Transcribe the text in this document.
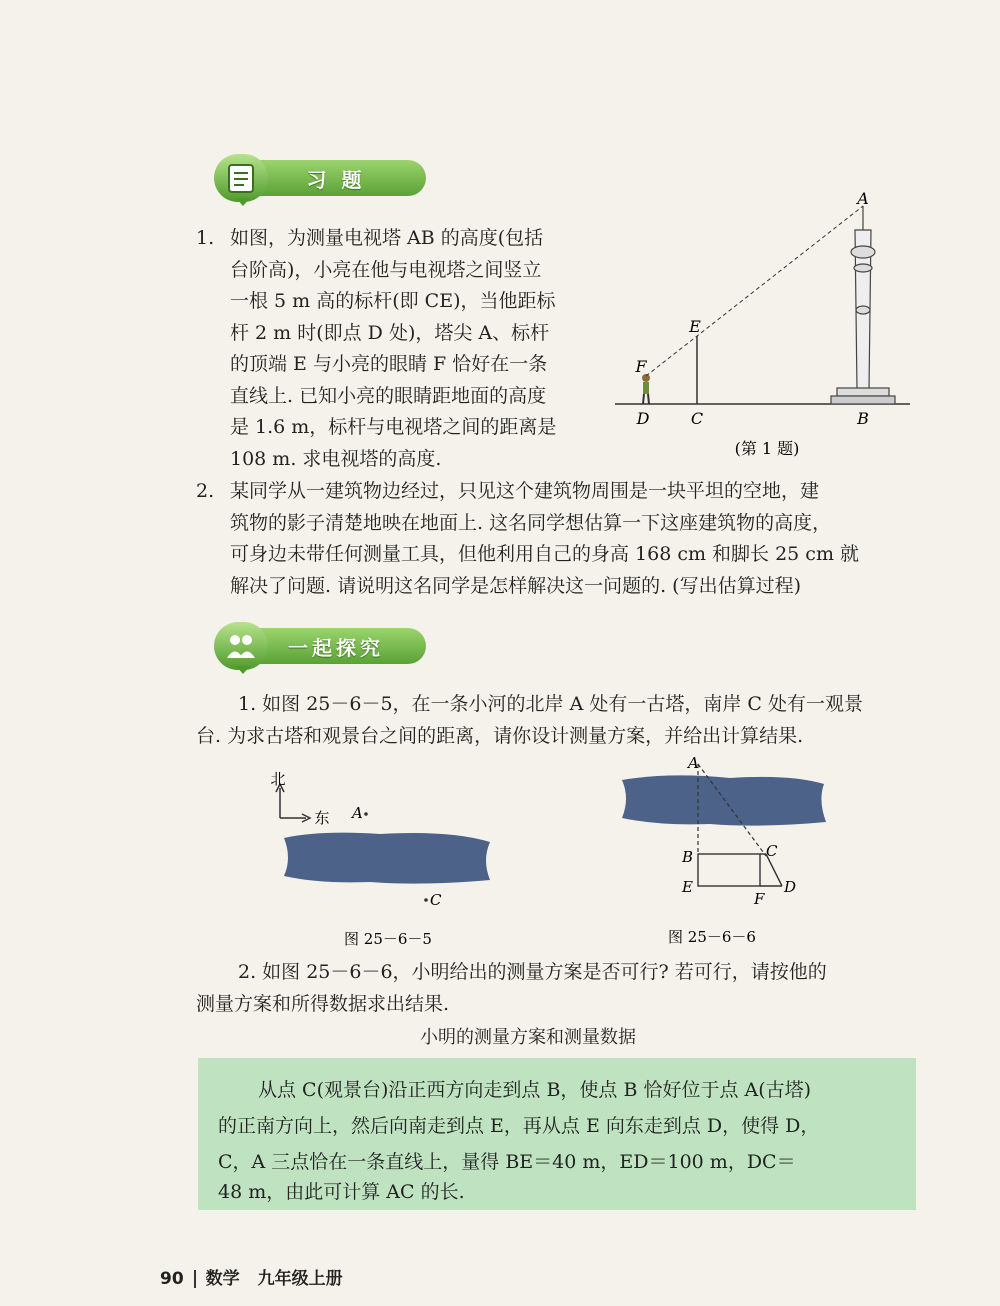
习 题
1. 如图，为测量电视塔 AB 的高度(包括
台阶高)，小亮在他与电视塔之间竖立
一根 5 m 高的标杆(即 CE)，当他距标
杆 2 m 时(即点 D 处)，塔尖 A、标杆
的顶端 E 与小亮的眼睛 F 恰好在一条
直线上. 已知小亮的眼睛距地面的高度
是 1.6 m，标杆与电视塔之间的距离是
108 m. 求电视塔的高度.
A
B
C
D
E
F
(第 1 题)
2. 某同学从一建筑物边经过，只见这个建筑物周围是一块平坦的空地，建
筑物的影子清楚地映在地面上. 这名同学想估算一下这座建筑物的高度，
可身边未带任何测量工具，但他利用自己的身高 168 cm 和脚长 25 cm 就
解决了问题. 请说明这名同学是怎样解决这一问题的. (写出估算过程)
一起探究
1. 如图 25－6－5，在一条小河的北岸 A 处有一古塔，南岸 C 处有一观景
台. 为求古塔和观景台之间的距离，请你设计测量方案，并给出计算结果.
北
东 A
C
图 25－6－5
A
B	C
D
E
F
图 25－6－6
2. 如图 25－6－6，小明给出的测量方案是否可行? 若可行，请按他的
测量方案和所得数据求出结果.
小明的测量方案和测量数据

从点 C(观景台)沿正西方向走到点 B，使点 B 恰好位于点 A(古塔)

的正南方向上，然后向南走到点 E，再从点 E 向东走到点 D，使得 D，

C，A 三点恰在一条直线上，量得 BE＝40 m，ED＝100 m，DC＝

48 m，由此可计算 AC 的长.

90 数学 九年级上册
